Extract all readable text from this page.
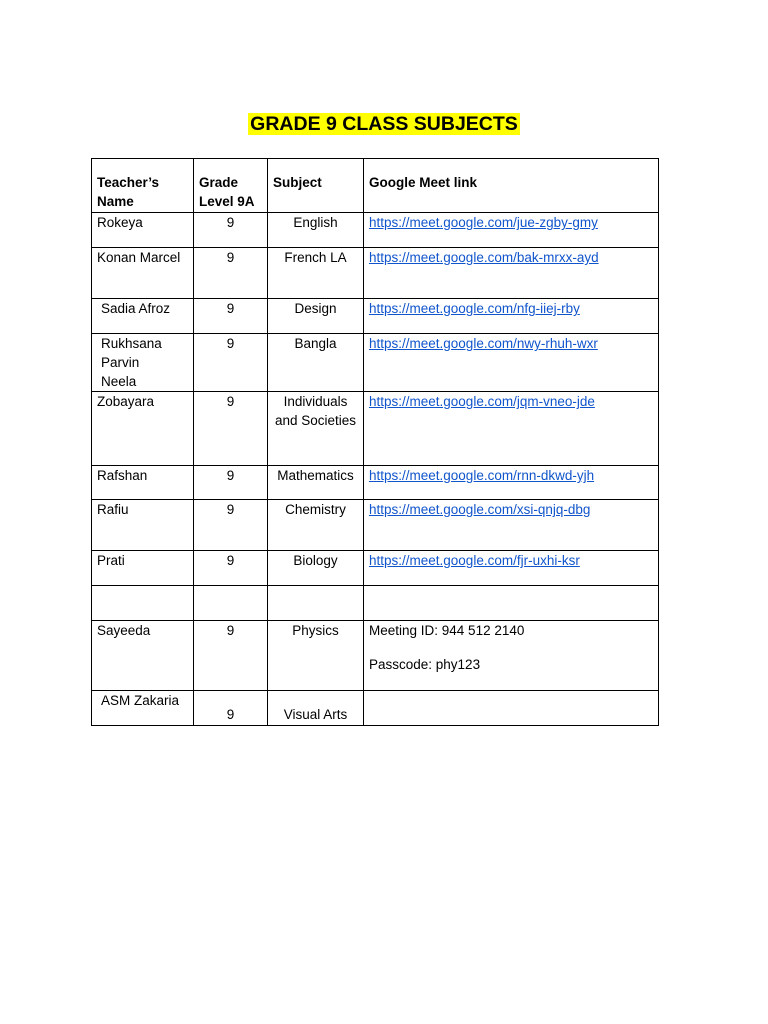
GRADE 9 CLASS SUBJECTS
Teacher’s Name	Grade Level 9A	Subject	Google Meet link
Rokeya	9	English	https://meet.google.com/jue-zgby-gmy
Konan Marcel	9	French LA	https://meet.google.com/bak-mrxx-ayd
Sadia Afroz	9	Design	https://meet.google.com/nfg-iiej-rby

Rukhsana Parvin Neela	9	Bangla	https://meet.google.com/nwy-rhuh-wxr
Zobayara	9	Individuals and Societies	https://meet.google.com/jqm-vneo-jde
Rafshan	9	Mathematics	https://meet.google.com/rnn-dkwd-yjh
Rafiu	9	Chemistry	https://meet.google.com/xsi-qnjq-dbg
Prati	9	Biology	https://meet.google.com/fjr-uxhi-ksr

Sayeeda	9	Physics	Meeting ID: 944 512 2140
Passcode: phy123

ASM Zakaria	9	Visual Arts	
